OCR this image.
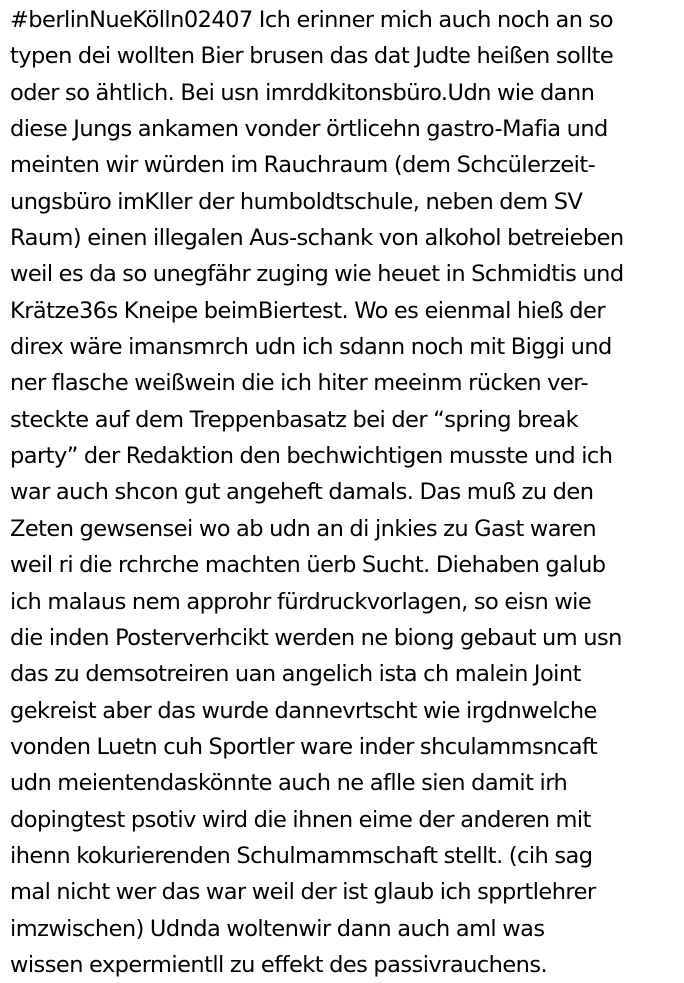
#berlinNueKölln02407 Ich erinner mich auch noch an so
typen dei wollten Bier brusen das dat Judte heißen sollte
oder so ähtlich. Bei usn imrddkitonsbüro.Udn wie dann
diese Jungs ankamen vonder örtlicehn gastro-Mafia und
meinten wir würden im Rauchraum (dem Schcülerzeit-
ungsbüro imKller der humboldtschule, neben dem SV
Raum) einen illegalen Aus-schank von alkohol betreieben
weil es da so unegfähr zuging wie heuet in Schmidtis und
Krätze36s Kneipe beimBiertest. Wo es eienmal hieß der
direx wäre imansmrch udn ich sdann noch mit Biggi und
ner flasche weißwein die ich hiter meeinm rücken ver-
steckte auf dem Treppenbasatz bei der “spring break
party” der Redaktion den bechwichtigen musste und ich
war auch shcon gut angeheft damals. Das muß zu den
Zeten gewsensei wo ab udn an di jnkies zu Gast waren
weil ri die rchrche machten üerb Sucht. Diehaben galub
ich malaus nem approhr fürdruckvorlagen, so eisn wie
die inden Posterverhcikt werden ne biong gebaut um usn
das zu demsotreiren uan angelich ista ch malein Joint
gekreist aber das wurde dannevrtscht wie irgdnwelche
vonden Luetn cuh Sportler ware inder shculammsncaft
udn meientendaskönnte auch ne aflle sien damit irh
dopingtest psotiv wird die ihnen eime der anderen mit
ihenn kokurierenden Schulmammschaft stellt. (cih sag
mal nicht wer das war weil der ist glaub ich spprtlehrer
imzwischen) Udnda woltenwir dann auch aml was
wissen expermientll zu effekt des passivrauchens.
